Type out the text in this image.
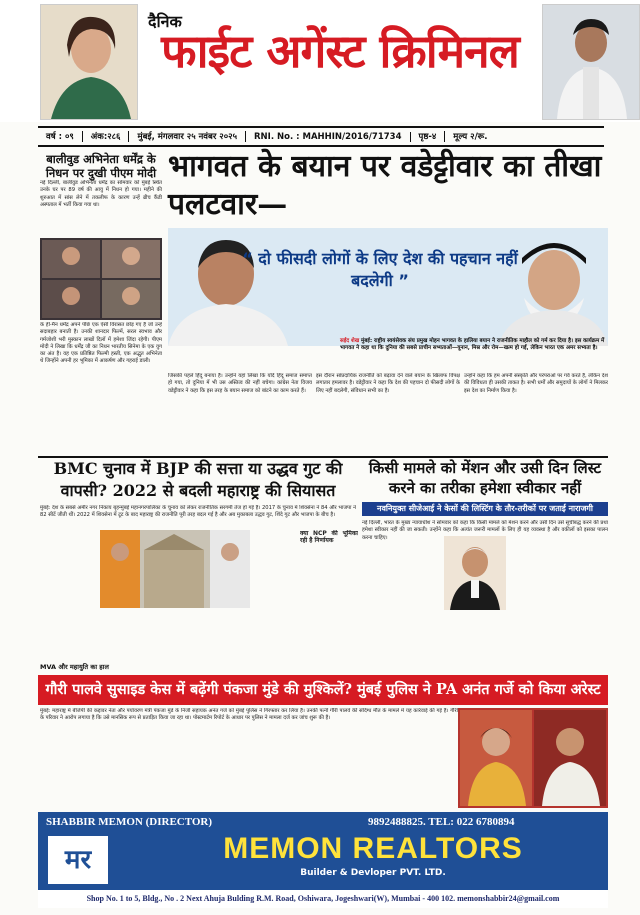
दैनिक
फाईट अगेंस्ट क्रिमिनल
वर्ष : ०९	अंक:२८६	मुंबई, मंगलवार २५ नवंबर २०२५	RNI. No. : MAHHIN/2016/71734	पृष्ठ-४	मूल्य २/रू.
बालीवुड अभिनेता धर्मेंद्र के निधन पर दुखी पीएम मोदी
नई दिल्ली, बालीवुड अभिनेता धर्मेंद्र का सोमवार को मुंबई स्थित उनके घर पर 89 वर्ष की आयु में निधन हो गया। महीने की शुरुआत में सांस लेने में तकलीफ के कारण उन्हें ब्रीच कैंडी अस्पताल में भर्ती किया गया था।
के ही-मैन धर्मेंद्र अपने पीछे एक ऐसी विरासत छोड़ गए हैं जो उन्हें सदाबहार बनाती है। उनकी शानदार फिल्में, सरल स्वभाव और गर्मजोशी भरी मुस्कान लाखों दिलों में हमेशा जिंदा रहेगी। पीएम मोदी ने लिखा कि धर्मेंद्र जी का निधन भारतीय सिनेमा के एक युग का अंत है। वह एक प्रतिष्ठित फिल्मी हस्ती, एक अद्भुत अभिनेता थे जिन्होंने अपनी हर भूमिका में आकर्षण और गहराई डाली।
भागवत के बयान पर वडेट्टीवार का तीखा पलटवार—
“ दो फीसदी लोगों के लिए देश की पहचान नहीं बदलेगी ”
सईद शेख मुंबई: राष्ट्रीय स्वयंसेवक संघ प्रमुख मोहन भागवत के हालिया बयान ने राजनीतिक माहौल को गर्म कर दिया है। इस कार्यक्रम में भागवत ने कहा था कि दुनिया की सबसे प्राचीन सभ्यताओं—यूनान, मिस्र और रोम—खत्म हो गईं, लेकिन भारत एक अमर सभ्यता है।
जिसकी पहले हिंदू बनाया है। उन्होंने यहां लिखा कि यदि हिंदू समाज समाप्त हो गया, तो दुनिया में भी उस अस्तित्व की नहीं बचेगा। कांग्रेस नेता विजय वडेट्टीवार ने कहा कि इस तरह के बयान समाज को बांटने का काम करते हैं।
इस दौरान सांप्रदायिक राजनीति को बढ़ावा देने वाले बयान के खिलाफ विपक्ष लगातार हमलावर है। वडेट्टीवार ने कहा कि देश की पहचान दो फीसदी लोगों के लिए नहीं बदलेगी, संविधान सभी का है।
उन्होंने कहा कि हम अपनी संस्कृति और परंपराओं पर गर्व करते हैं, लेकिन देश की विविधता ही उसकी ताकत है। सभी धर्मों और समुदायों के लोगों ने मिलकर इस देश का निर्माण किया है।
BMC चुनाव में BJP की सत्ता या उद्धव गुट की वापसी? 2022 से बदली महाराष्ट्र की सियासत
मुंबई: देश के सबसे अमीर नगर निकाय बृहन्मुंबई महानगरपालिका के चुनाव को लेकर राजनीतिक सरगर्मी तेज हो गई है। 2017 के चुनाव में शिवसेना ने 84 और भाजपा ने 82 सीटें जीती थीं। 2022 में शिवसेना में टूट के बाद महाराष्ट्र की राजनीति पूरी तरह बदल गई है और अब मुकाबला उद्धव गुट, शिंदे गुट और भाजपा के बीच है।
क्या NCP की भूमिका रही है निर्णायक
MVA और महायुति का हाल
किसी मामले को मेंशन और उसी दिन लिस्ट करने का तरीका हमेशा स्वीकार नहीं
नवनियुक्त सीजेआई ने केसों की लिस्टिंग के तौर-तरीकों पर जताई नाराजगी
नई दिल्ली, भारत के मुख्य न्यायाधीश ने सोमवार को कहा कि किसी मामले को मेंशन करने और उसी दिन उसे सूचीबद्ध करने की प्रथा हमेशा स्वीकार नहीं की जा सकती। उन्होंने कहा कि अत्यंत जरूरी मामलों के लिए ही यह व्यवस्था है और वकीलों को इसका पालन करना चाहिए।
गौरी पालवे सुसाइड केस में बढ़ेंगी पंकजा मुंडे की मुश्किलें? मुंबई पुलिस ने PA अनंत गर्जे को किया अरेस्ट
मुंबई: महाराष्ट्र में बीजेपी की कद्दावर नेता और पर्यावरण मंत्री पंकजा मुंडे के निजी सहायक अनंत गर्जे को मुंबई पुलिस ने गिरफ्तार कर लिया है। उनकी पत्नी गौरी पालवे की संदिग्ध मौत के मामले में यह कार्रवाई की गई है। गौरी के परिवार ने आरोप लगाया है कि उसे मानसिक रूप से प्रताड़ित किया जा रहा था। पोस्टमार्टम रिपोर्ट के आधार पर पुलिस ने मामला दर्ज कर जांच शुरू की है।
SHABBIR MEMON (DIRECTOR)	9892488825. TEL: 022 6780894
मर	MEMON REALTORS
Builder & Devloper PVT. LTD.
Shop No. 1 to 5, Bldg., No . 2 Next Ahuja Bulding R.M. Road, Oshiwara, Jogeshwari(W), Mumbai - 400 102. memonshabbir24@gmail.com
